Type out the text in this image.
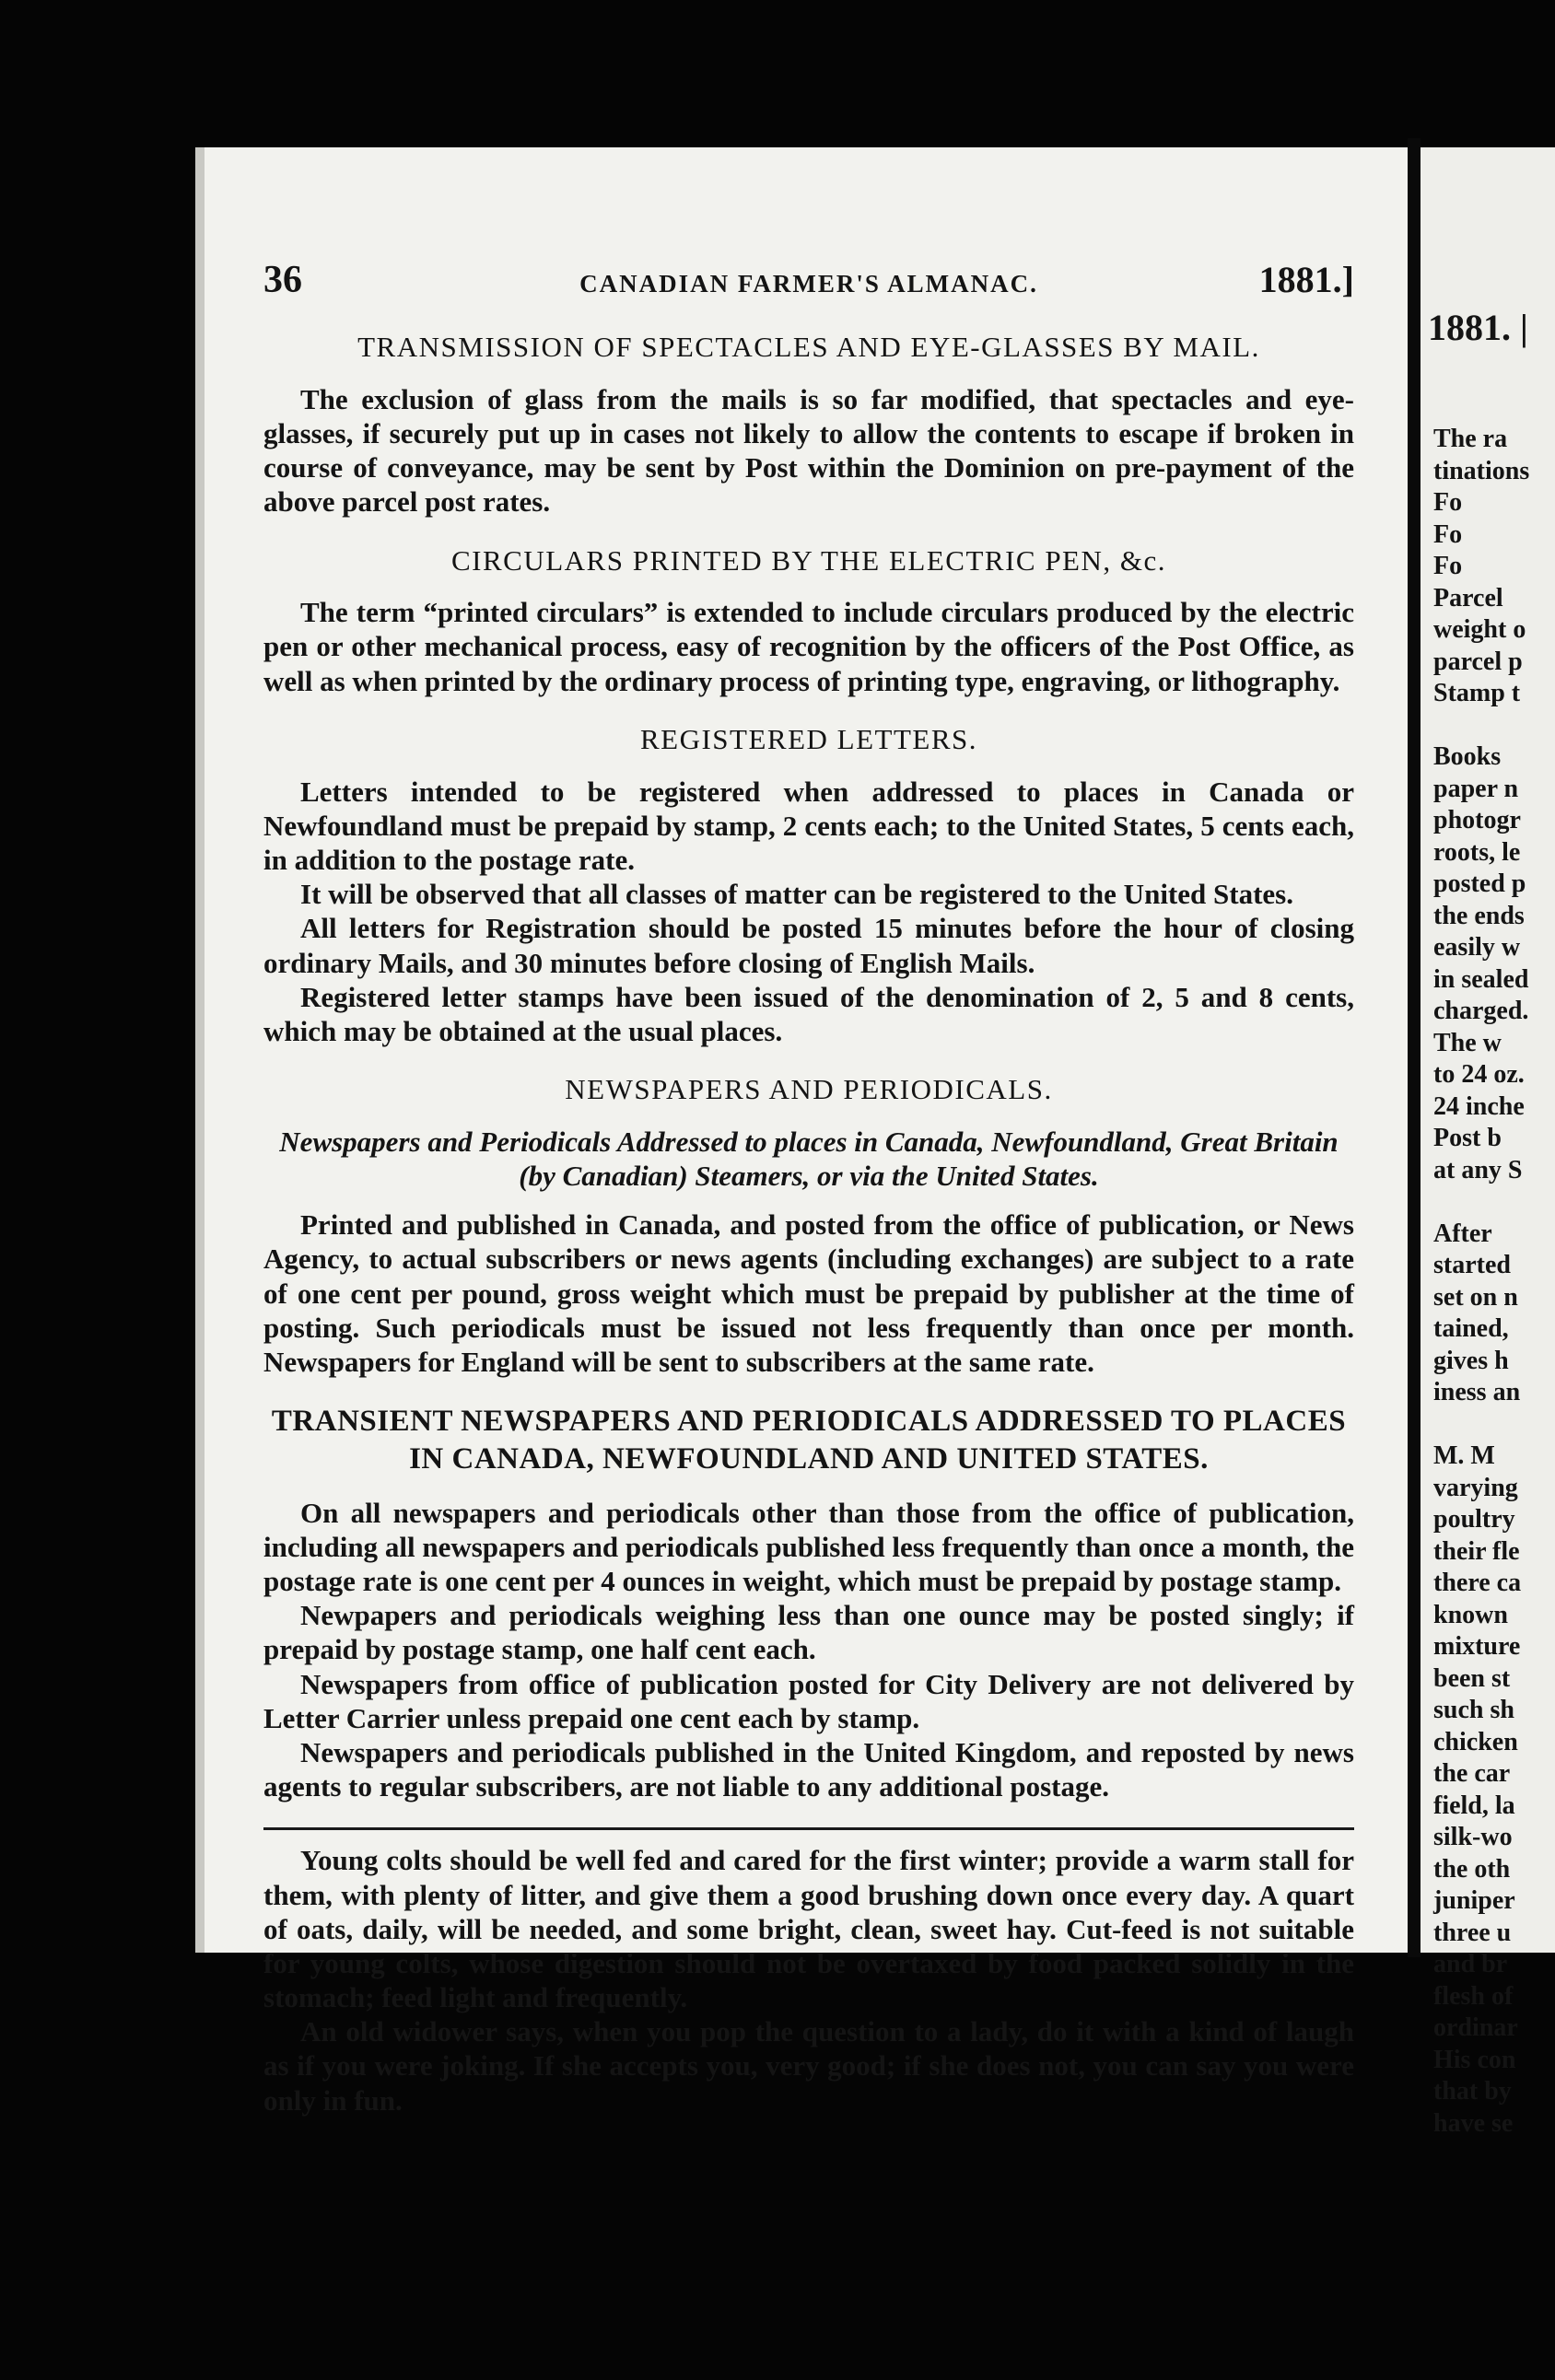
36	CANADIAN FARMER'S ALMANAC.	1881.]
TRANSMISSION OF SPECTACLES AND EYE-GLASSES BY MAIL.

The exclusion of glass from the mails is so far modified, that spectacles and eye-glasses, if securely put up in cases not likely to allow the contents to escape if broken in course of conveyance, may be sent by Post within the Dominion on pre-payment of the above parcel post rates.

CIRCULARS PRINTED BY THE ELECTRIC PEN, &c.

The term “printed circulars” is extended to include circulars produced by the electric pen or other mechanical process, easy of recognition by the officers of the Post Office, as well as when printed by the ordinary process of printing type, engraving, or lithography.

REGISTERED LETTERS.

Letters intended to be registered when addressed to places in Canada or Newfoundland must be prepaid by stamp, 2 cents each; to the United States, 5 cents each, in addition to the postage rate.

It will be observed that all classes of matter can be registered to the United States.

All letters for Registration should be posted 15 minutes before the hour of closing ordinary Mails, and 30 minutes before closing of English Mails.

Registered letter stamps have been issued of the denomination of 2, 5 and 8 cents, which may be obtained at the usual places.

NEWSPAPERS AND PERIODICALS.

Newspapers and Periodicals Addressed to places in Canada, Newfoundland, Great Britain (by Canadian) Steamers, or via the United States.

Printed and published in Canada, and posted from the office of publication, or News Agency, to actual subscribers or news agents (including exchanges) are subject to a rate of one cent per pound, gross weight which must be prepaid by publisher at the time of posting. Such periodicals must be issued not less frequently than once per month. Newspapers for England will be sent to subscribers at the same rate.

TRANSIENT NEWSPAPERS AND PERIODICALS ADDRESSED TO PLACES IN CANADA, NEWFOUNDLAND AND UNITED STATES.

On all newspapers and periodicals other than those from the office of publication, including all newspapers and periodicals published less frequently than once a month, the postage rate is one cent per 4 ounces in weight, which must be prepaid by postage stamp.

Newpapers and periodicals weighing less than one ounce may be posted singly; if prepaid by postage stamp, one half cent each.

Newspapers from office of publication posted for City Delivery are not delivered by Letter Carrier unless prepaid one cent each by stamp.

Newspapers and periodicals published in the United Kingdom, and reposted by news agents to regular subscribers, are not liable to any additional postage.

Young colts should be well fed and cared for the first winter; provide a warm stall for them, with plenty of litter, and give them a good brushing down once every day. A quart of oats, daily, will be needed, and some bright, clean, sweet hay. Cut-feed is not suitable for young colts, whose digestion should not be overtaxed by food packed solidly in the stomach; feed light and frequently.

An old widower says, when you pop the question to a lady, do it with a kind of laugh as if you were joking. If she accepts you, very good; if she does not, you can say you were only in fun.

1881. |
The ra
tinations
Fo
Fo
Fo
Parcel
weight o
parcel p
Stamp t
Books
paper n
photogr
roots, le
posted p
the ends
easily w
in sealed
charged.
The w
to 24 oz.
24 inche
Post b
at any S
After
started
set on n
tained,
gives h
iness an
M. M
varying
poultry
their fle
there ca
known
mixture
been st
such sh
chicken
the car
field, la
silk-wo
the oth
juniper
three u
and br
flesh of
ordinar
His con
that by
have se
